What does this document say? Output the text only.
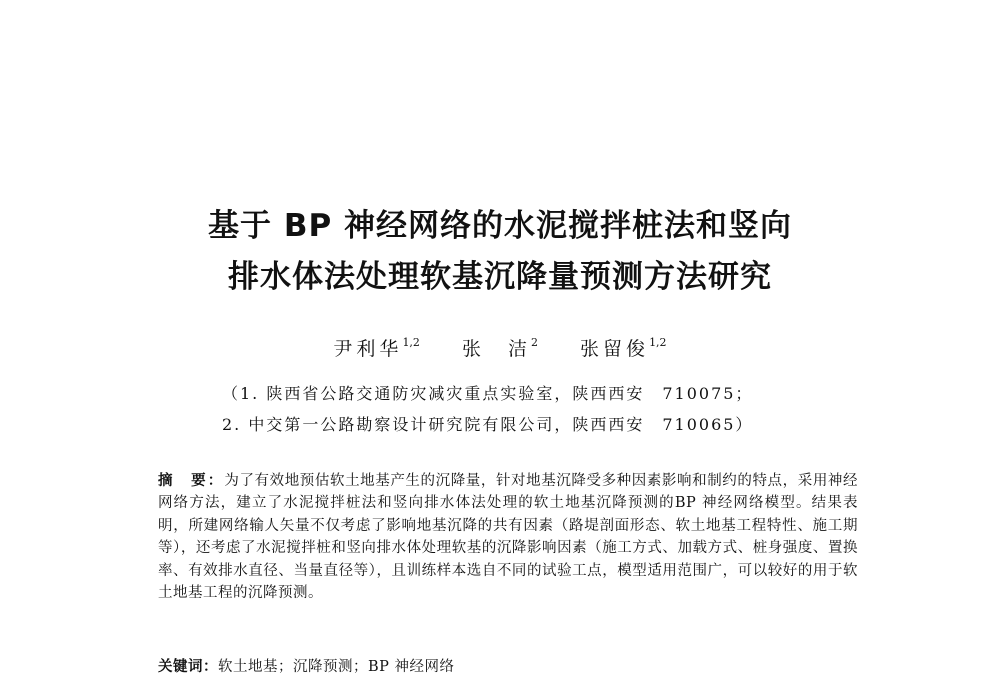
基于 BP 神经网络的水泥搅拌桩法和竖向
排水体法处理软基沉降量预测方法研究
尹利华$^{1,2}$ 张　洁$^2$ 张留俊$^{1,2}$
（1. 陕西省公路交通防灾减灾重点实验室，陕西西安　710075；
2. 中交第一公路勘察设计研究院有限公司，陕西西安　710065）
摘　要：为了有效地预估软土地基产生的沉降量，针对地基沉降受多种因素影响和制约的特点，采用神经网络方法，建立了水泥搅拌桩法和竖向排水体法处理的软土地基沉降预测的BP 神经网络模型。结果表明，所建网络输人矢量不仅考虑了影响地基沉降的共有因素（路堤剖面形态、软土地基工程特性、施工期等），还考虑了水泥搅拌桩和竖向排水体处理软基的沉降影响因素（施工方式、加载方式、桩身强度、置换率、有效排水直径、当量直径等），且训练样本选自不同的试验工点，模型适用范围广，可以较好的用于软土地基工程的沉降预测。
关键词：软土地基；沉降预测；BP 神经网络
